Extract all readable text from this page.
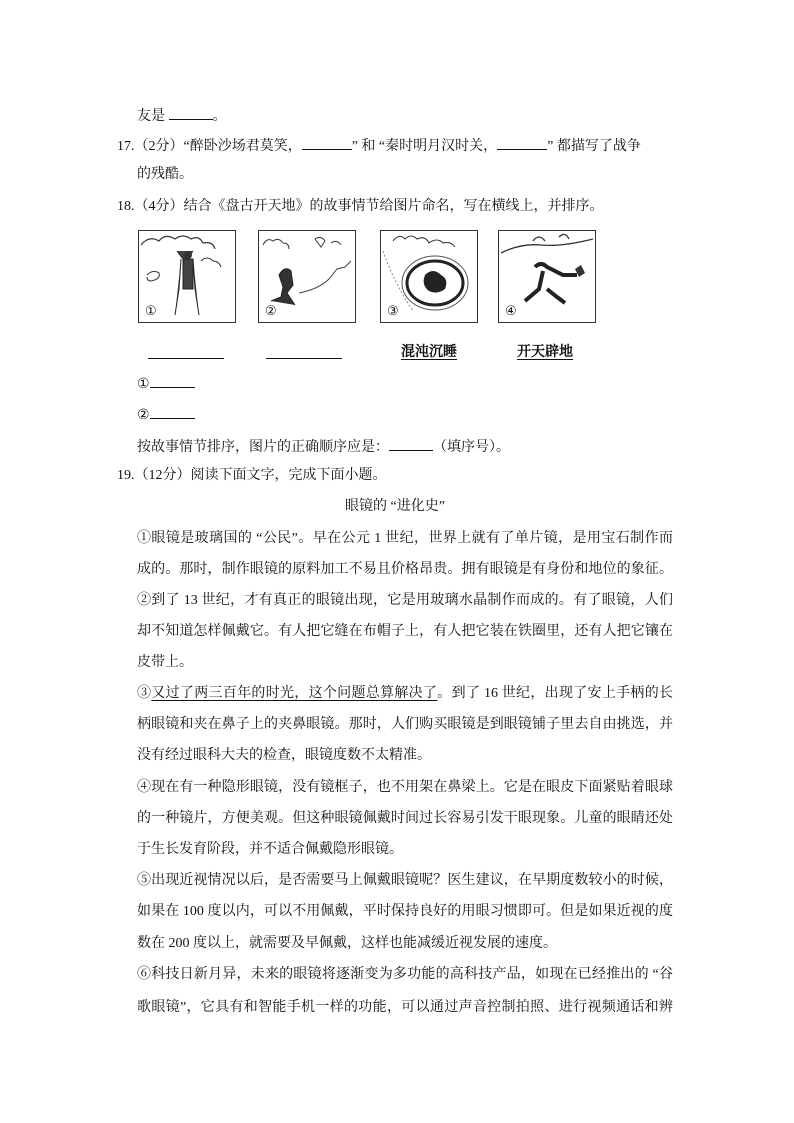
①	②	③	④
混沌沉睡	开天辟地
友是	。
17.（2分）“醉卧沙场君莫笑，	” 和 “秦时明月汉时关，	” 都描写了战争
的残酷。
18.（4分）结合《盘古开天地》的故事情节给图片命名，写在横线上，并排序。
①
②
按故事情节排序，图片的正确顺序应是：	（填序号）。
19.（12分）阅读下面文字，完成下面小题。
眼镜的 “进化史”
①眼镜是玻璃国的 “公民”。早在公元 1 世纪，世界上就有了单片镜，是用宝石制作而
成的。那时，制作眼镜的原料加工不易且价格昂贵。拥有眼镜是有身份和地位的象征。
②到了 13 世纪，才有真正的眼镜出现，它是用玻璃水晶制作而成的。有了眼镜，人们
却不知道怎样佩戴它。有人把它缝在布帽子上，有人把它装在铁圈里，还有人把它镶在
皮带上。
③又过了两三百年的时光，这个问题总算解决了。到了 16 世纪，出现了安上手柄的长
柄眼镜和夹在鼻子上的夹鼻眼镜。那时，人们购买眼镜是到眼镜铺子里去自由挑选，并
没有经过眼科大夫的检查，眼镜度数不太精准。
④现在有一种隐形眼镜，没有镜框子，也不用架在鼻梁上。它是在眼皮下面紧贴着眼球
的一种镜片，方便美观。但这种眼镜佩戴时间过长容易引发干眼现象。儿童的眼睛还处
于生长发育阶段，并不适合佩戴隐形眼镜。
⑤出现近视情况以后，是否需要马上佩戴眼镜呢？医生建议，在早期度数较小的时候，
如果在 100 度以内，可以不用佩戴，平时保持良好的用眼习惯即可。但是如果近视的度
数在 200 度以上，就需要及早佩戴，这样也能减缓近视发展的速度。
⑥科技日新月异，未来的眼镜将逐渐变为多功能的高科技产品，如现在已经推出的 “谷
歌眼镜”，它具有和智能手机一样的功能，可以通过声音控制拍照、进行视频通话和辨
